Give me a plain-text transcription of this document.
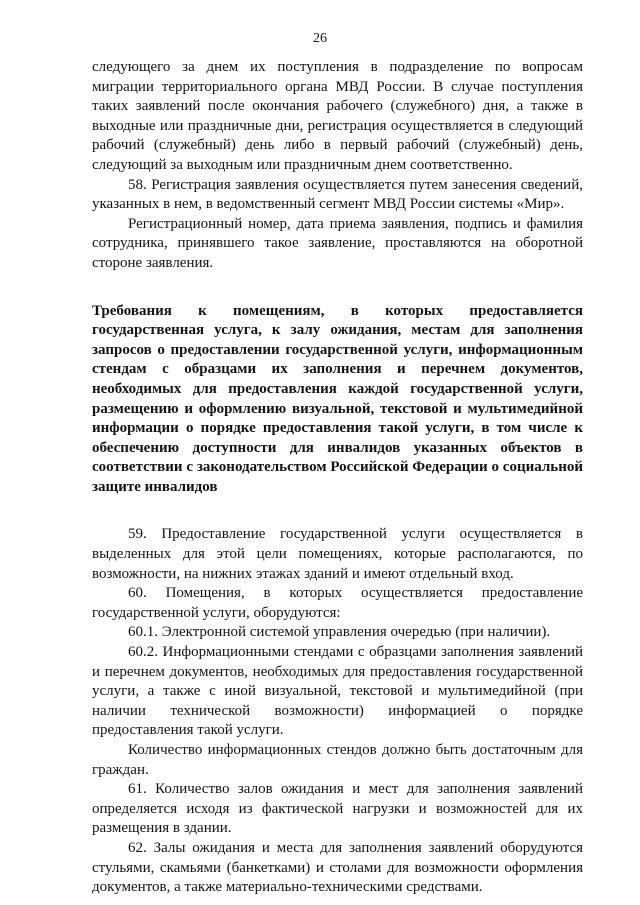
26

следующего за днем их поступления в подразделение по вопросам миграции территориального органа МВД России. В случае поступления таких заявлений после окончания рабочего (служебного) дня, а также в выходные или праздничные дни, регистрация осуществляется в следующий рабочий (служебный) день либо в первый рабочий (служебный) день, следующий за выходным или праздничным днем соответственно.

58. Регистрация заявления осуществляется путем занесения сведений, указанных в нем, в ведомственный сегмент МВД России системы «Мир».

Регистрационный номер, дата приема заявления, подпись и фамилия сотрудника, принявшего такое заявление, проставляются на оборотной стороне заявления.

Требования к помещениям, в которых предоставляется государственная услуга, к залу ожидания, местам для заполнения запросов о предоставлении государственной услуги, информационным стендам с образцами их заполнения и перечнем документов, необходимых для предоставления каждой государственной услуги, размещению и оформлению визуальной, текстовой и мультимедийной информации о порядке предоставления такой услуги, в том числе к обеспечению доступности для инвалидов указанных объектов в соответствии с законодательством Российской Федерации о социальной защите инвалидов

59. Предоставление государственной услуги осуществляется в выделенных для этой цели помещениях, которые располагаются, по возможности, на нижних этажах зданий и имеют отдельный вход.

60. Помещения, в которых осуществляется предоставление государственной услуги, оборудуются:

60.1. Электронной системой управления очередью (при наличии).

60.2. Информационными стендами с образцами заполнения заявлений и перечнем документов, необходимых для предоставления государственной услуги, а также с иной визуальной, текстовой и мультимедийной (при наличии технической возможности) информацией о порядке предоставления такой услуги.

Количество информационных стендов должно быть достаточным для граждан.

61. Количество залов ожидания и мест для заполнения заявлений определяется исходя из фактической нагрузки и возможностей для их размещения в здании.

62. Залы ожидания и места для заполнения заявлений оборудуются стульями, скамьями (банкетками) и столами для возможности оформления документов, а также материально-техническими средствами.
